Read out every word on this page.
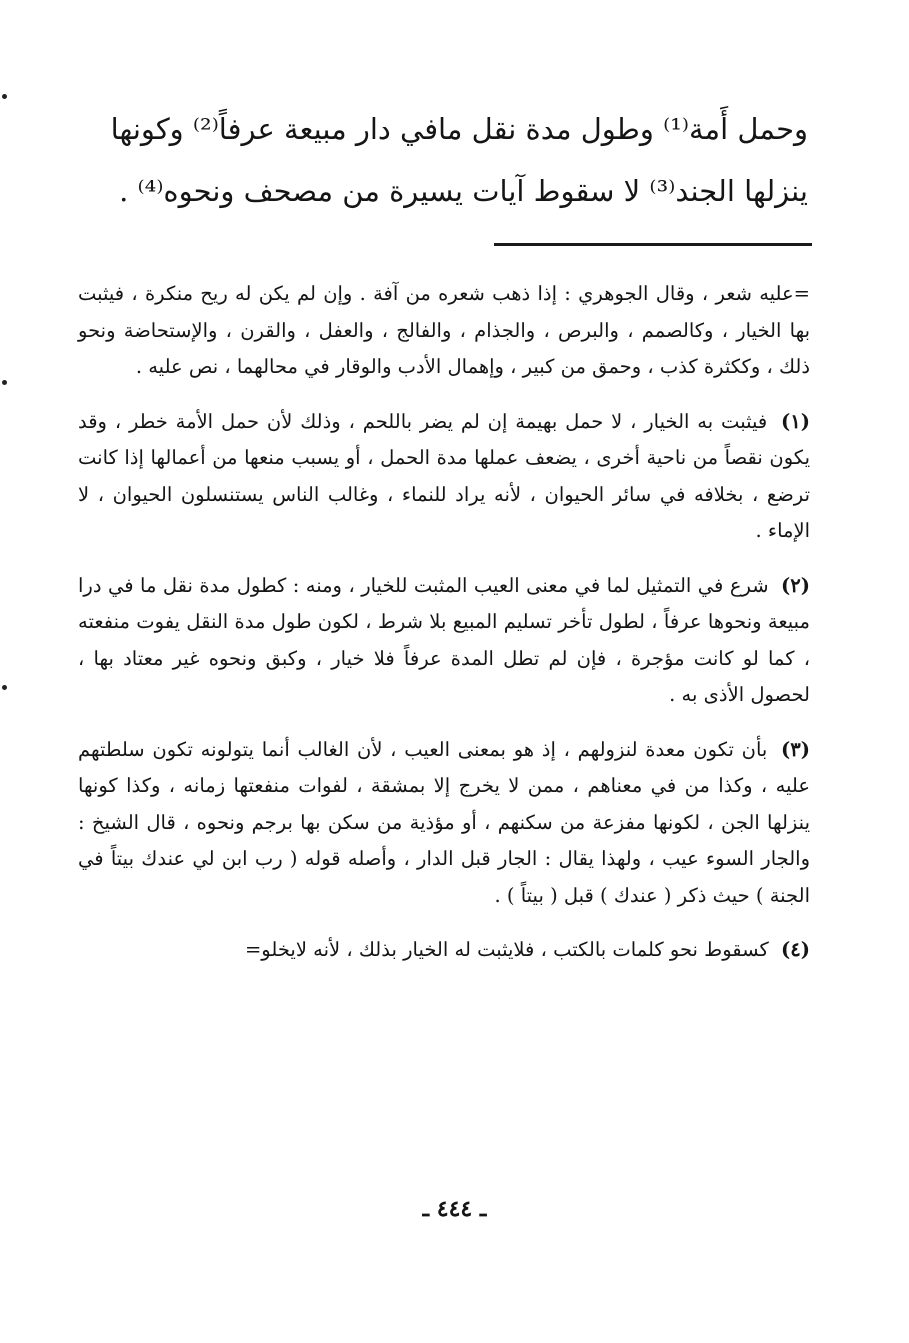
وحمل أَمة⁽¹⁾ وطول مدة نقل مافي دار مبيعة عرفاً⁽²⁾ وكونها

ينزلها الجند⁽³⁾ لا سقوط آيات يسيرة من مصحف ونحوه⁽⁴⁾ .

=عليه شعر ، وقال الجوهري : إذا ذهب شعره من آفة . وإن لم يكن له ريح منكرة ، فيثبت بها الخيار ، وكالصمم ، والبرص ، والجذام ، والفالج ، والعفل ، والقرن ، والإستحاضة ونحو ذلك ، وككثرة كذب ، وحمق من كبير ، وإهمال الأدب والوقار في محالهما ، نص عليه .

(١) فيثبت به الخيار ، لا حمل بهيمة إن لم يضر باللحم ، وذلك لأن حمل الأمة خطر ، وقد يكون نقصاً من ناحية أخرى ، يضعف عملها مدة الحمل ، أو يسبب منعها من أعمالها إذا كانت ترضع ، بخلافه في سائر الحيوان ، لأنه يراد للنماء ، وغالب الناس يستنسلون الحيوان ، لا الإماء .

(٢) شرع في التمثيل لما في معنى العيب المثبت للخيار ، ومنه : كطول مدة نقل ما في درا مبيعة ونحوها عرفاً ، لطول تأخر تسليم المبيع بلا شرط ، لكون طول مدة النقل يفوت منفعته ، كما لو كانت مؤجرة ، فإن لم تطل المدة عرفاً فلا خيار ، وكبق ونحوه غير معتاد بها ، لحصول الأذى به .

(٣) بأن تكون معدة لنزولهم ، إذ هو بمعنى العيب ، لأن الغالب أنما يتولونه تكون سلطتهم عليه ، وكذا من في معناهم ، ممن لا يخرج إلا بمشقة ، لفوات منفعتها زمانه ، وكذا كونها ينزلها الجن ، لكونها مفزعة من سكنهم ، أو مؤذية من سكن بها برجم ونحوه ، قال الشيخ : والجار السوء عيب ، ولهذا يقال : الجار قبل الدار ، وأصله قوله ( رب ابن لي عندك بيتاً في الجنة ) حيث ذكر ( عندك ) قبل ( بيتاً ) .

(٤) كسقوط نحو كلمات بالكتب ، فلايثبت له الخيار بذلك ، لأنه لايخلو=

ـ ٤٤٤ ـ
